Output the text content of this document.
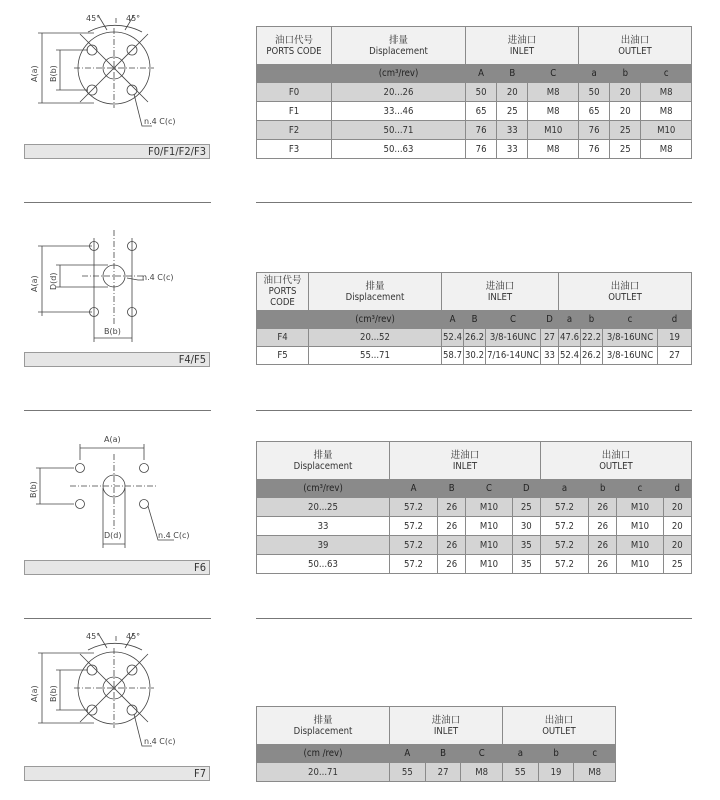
45°	45°
A(a) B(b)
n.4 C(c)
F0/F1/F2/F3
油口代号
PORTS CODE	排量
Displacement	进油口
INLET			出油口
OUTLET		
	(cm³/rev)	A	B	C	a	b	c
F0	20...26	50	20	M8	50	20	M8
F1	33...46	65	25	M8	65	20	M8
F2	50...71	76	33	M10	76	25	M10
F3	50...63	76	33	M8	76	25	M8
A(a) D(d)
B(b)
n.4 C(c)
F4/F5
油口代号
PORTS CODE	排量
Displacement	进油口
INLET				出油口
OUTLET			
	(cm³/rev)	A	B	C	D	a	b	c	d
F4	20...52	52.4	26.2	3/8-16UNC	27	47.6	22.2	3/8-16UNC	19
F5	55...71	58.7	30.2	7/16-14UNC	33	52.4	26.2	3/8-16UNC	27
A(a)
B(b)
D(d)	n.4 C(c)
F6
排量
Displacement	进油口
INLET				出油口
OUTLET			
(cm³/rev)	A	B	C	D	a	b	c	d
20...25	57.2	26	M10	25	57.2	26	M10	20
33	57.2	26	M10	30	57.2	26	M10	20
39	57.2	26	M10	35	57.2	26	M10	20
50...63	57.2	26	M10	35	57.2	26	M10	25
45°	45°
A(a) B(b)
n.4 C(c)
F7
排量
Displacement	进油口
INLET			出油口
OUTLET		
(cm /rev)	A	B	C	a	b	c
20...71	55	27	M8	55	19	M8
